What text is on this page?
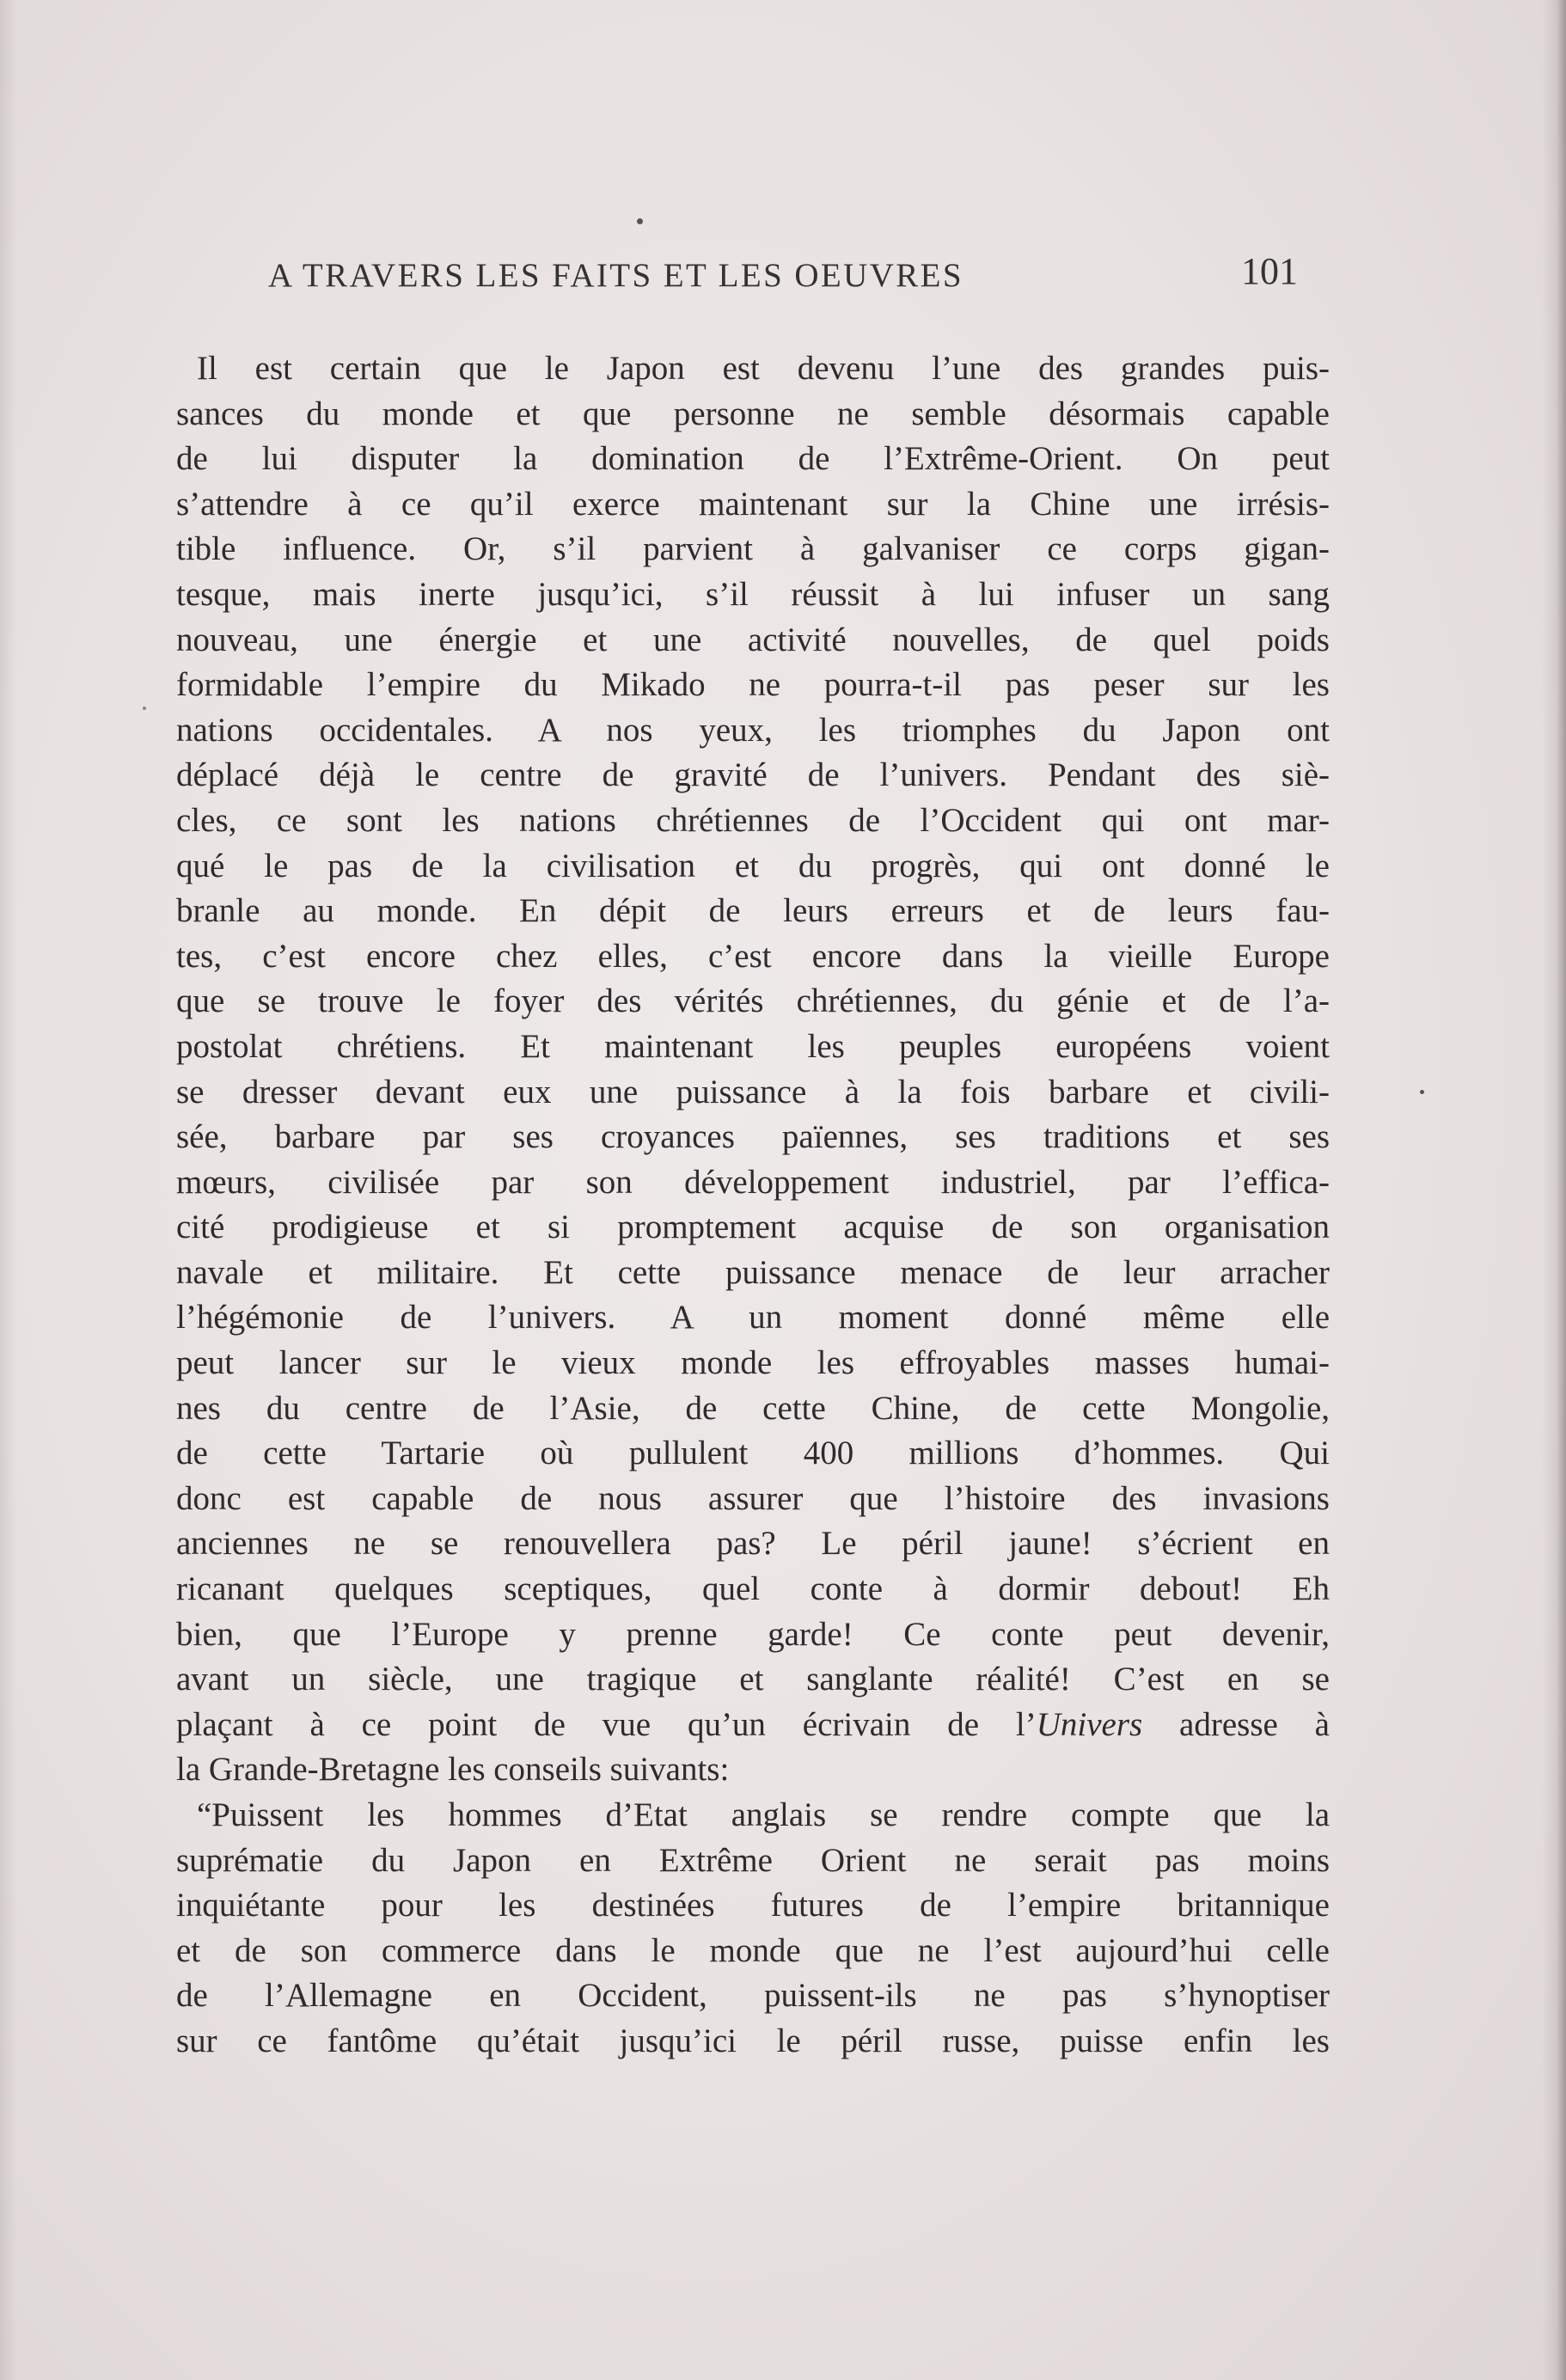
A TRAVERS LES FAITS ET LES OEUVRES	101
Il est certain que le Japon est devenu l’une des grandes puis-
sances du monde et que personne ne semble désormais capable
de lui disputer la domination de l’Extrême-Orient. On peut
s’attendre à ce qu’il exerce maintenant sur la Chine une irrésis-
tible influence. Or, s’il parvient à galvaniser ce corps gigan-
tesque, mais inerte jusqu’ici, s’il réussit à lui infuser un sang
nouveau, une énergie et une activité nouvelles, de quel poids
formidable l’empire du Mikado ne pourra-t-il pas peser sur les
nations occidentales. A nos yeux, les triomphes du Japon ont
déplacé déjà le centre de gravité de l’univers. Pendant des siè-
cles, ce sont les nations chrétiennes de l’Occident qui ont mar-
qué le pas de la civilisation et du progrès, qui ont donné le
branle au monde. En dépit de leurs erreurs et de leurs fau-
tes, c’est encore chez elles, c’est encore dans la vieille Europe
que se trouve le foyer des vérités chrétiennes, du génie et de l’a-
postolat chrétiens. Et maintenant les peuples européens voient
se dresser devant eux une puissance à la fois barbare et civili-
sée, barbare par ses croyances païennes, ses traditions et ses
mœurs, civilisée par son développement industriel, par l’effica-
cité prodigieuse et si promptement acquise de son organisation
navale et militaire. Et cette puissance menace de leur arracher
l’hégémonie de l’univers. A un moment donné même elle
peut lancer sur le vieux monde les effroyables masses humai-
nes du centre de l’Asie, de cette Chine, de cette Mongolie,
de cette Tartarie où pullulent 400 millions d’hommes. Qui
donc est capable de nous assurer que l’histoire des invasions
anciennes ne se renouvellera pas? Le péril jaune! s’écrient en
ricanant quelques sceptiques, quel conte à dormir debout! Eh
bien, que l’Europe y prenne garde! Ce conte peut devenir,
avant un siècle, une tragique et sanglante réalité! C’est en se
plaçant à ce point de vue qu’un écrivain de l’Univers adresse à
la Grande-Bretagne les conseils suivants:
“Puissent les hommes d’Etat anglais se rendre compte que la
suprématie du Japon en Extrême Orient ne serait pas moins
inquiétante pour les destinées futures de l’empire britannique
et de son commerce dans le monde que ne l’est aujourd’hui celle
de l’Allemagne en Occident, puissent-ils ne pas s’hynoptiser
sur ce fantôme qu’était jusqu’ici le péril russe, puisse enfin les
